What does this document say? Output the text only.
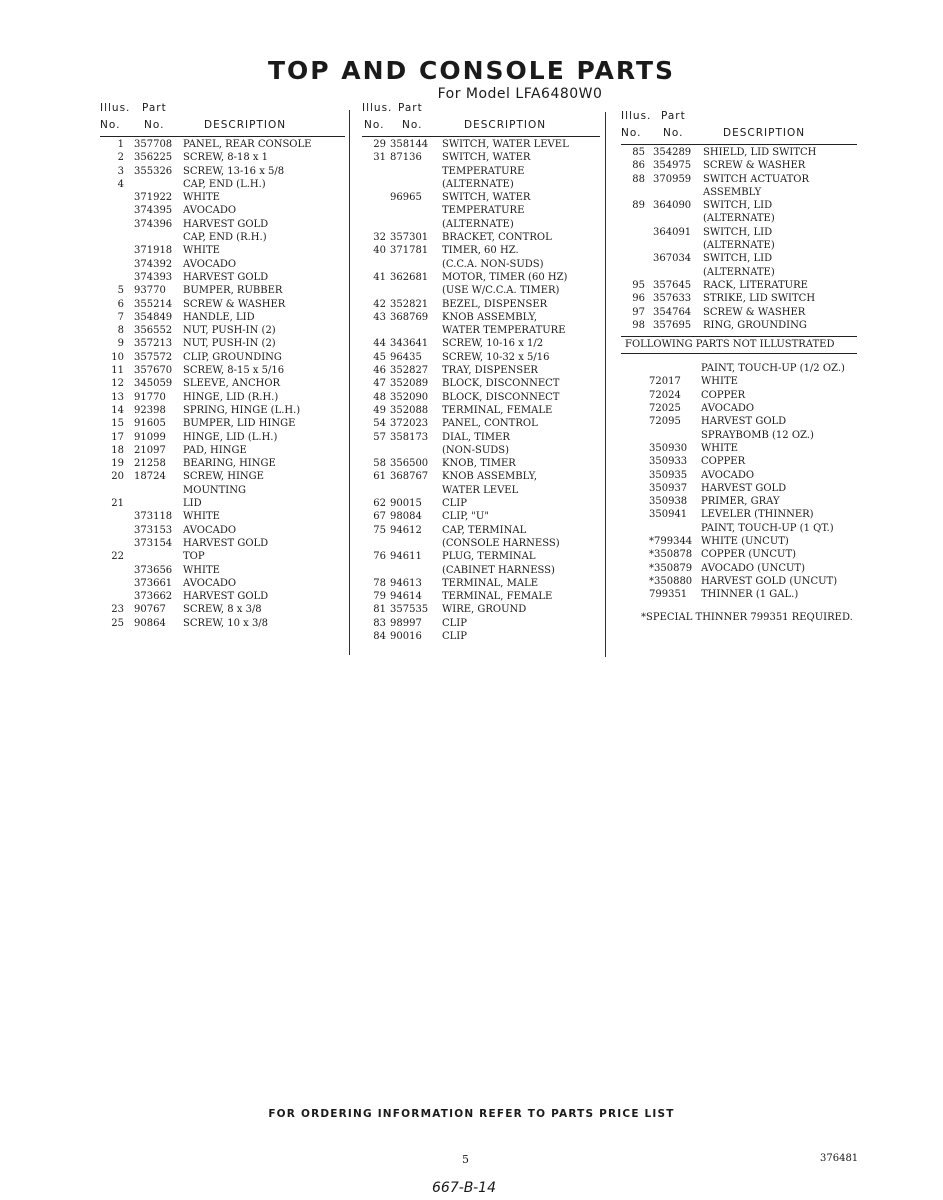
TOP AND CONSOLE PARTS
For Model LFA6480W0
Illus. Part
No. No.	DESCRIPTION
1 357708 PANEL, REAR CONSOLE
2 356225 SCREW, 8-18 x 1
3 355326 SCREW, 13-16 x 5/8
4	CAP, END (L.H.)
371922 WHITE
374395 AVOCADO
374396 HARVEST GOLD
CAP, END (R.H.)
371918 WHITE
374392 AVOCADO
374393 HARVEST GOLD
5 93770 BUMPER, RUBBER
6 355214 SCREW & WASHER
7 354849 HANDLE, LID
8 356552 NUT, PUSH-IN (2)
9 357213 NUT, PUSH-IN (2)
10 357572 CLIP, GROUNDING
11 357670 SCREW, 8-15 x 5/16
12 345059 SLEEVE, ANCHOR
13 91770 HINGE, LID (R.H.)
14 92398 SPRING, HINGE (L.H.)
15 91605 BUMPER, LID HINGE
17 91099 HINGE, LID (L.H.)
18 21097 PAD, HINGE
19 21258 BEARING, HINGE
20 18724 SCREW, HINGE
MOUNTING
21	LID
373118 WHITE
373153 AVOCADO
373154 HARVEST GOLD
22	TOP
373656 WHITE
373661 AVOCADO
373662 HARVEST GOLD
23 90767 SCREW, 8 x 3/8
25 90864 SCREW, 10 x 3/8
Illus. Part
No. No.	DESCRIPTION
29 358144 SWITCH, WATER LEVEL
31 87136 SWITCH, WATER
TEMPERATURE
(ALTERNATE)
96965 SWITCH, WATER
TEMPERATURE
(ALTERNATE)
32 357301 BRACKET, CONTROL
40 371781 TIMER, 60 HZ.
(C.C.A. NON-SUDS)
41 362681 MOTOR, TIMER (60 HZ)
(USE W/C.C.A. TIMER)
42 352821 BEZEL, DISPENSER
43 368769 KNOB ASSEMBLY,
WATER TEMPERATURE
44 343641 SCREW, 10-16 x 1/2
45 96435 SCREW, 10-32 x 5/16
46 352827 TRAY, DISPENSER
47 352089 BLOCK, DISCONNECT
48 352090 BLOCK, DISCONNECT
49 352088 TERMINAL, FEMALE
54 372023 PANEL, CONTROL
57 358173 DIAL, TIMER
(NON-SUDS)
58 356500 KNOB, TIMER
61 368767 KNOB ASSEMBLY,
WATER LEVEL
62 90015 CLIP
67 98084 CLIP, "U"
75 94612 CAP, TERMINAL
(CONSOLE HARNESS)
76 94611 PLUG, TERMINAL
(CABINET HARNESS)
78 94613 TERMINAL, MALE
79 94614 TERMINAL, FEMALE
81 357535 WIRE, GROUND
83 98997 CLIP
84 90016 CLIP
Illus. Part
No. No.	DESCRIPTION
85 354289 SHIELD, LID SWITCH
86 354975 SCREW & WASHER
88 370959 SWITCH ACTUATOR
ASSEMBLY
89 364090 SWITCH, LID
(ALTERNATE)
364091 SWITCH, LID
(ALTERNATE)
367034 SWITCH, LID
(ALTERNATE)
95 357645 RACK, LITERATURE
96 357633 STRIKE, LID SWITCH
97 354764 SCREW & WASHER
98 357695 RING, GROUNDING
FOLLOWING PARTS NOT ILLUSTRATED
PAINT, TOUCH-UP (1/2 OZ.)
72017 WHITE
72024 COPPER
72025 AVOCADO
72095 HARVEST GOLD
SPRAYBOMB (12 OZ.)
350930 WHITE
350933 COPPER
350935 AVOCADO
350937 HARVEST GOLD
350938 PRIMER, GRAY
350941 LEVELER (THINNER)
PAINT, TOUCH-UP (1 QT.)
*799344 WHITE (UNCUT)
*350878 COPPER (UNCUT)
*350879 AVOCADO (UNCUT)
*350880 HARVEST GOLD (UNCUT)
799351 THINNER (1 GAL.)
*SPECIAL THINNER 799351 REQUIRED.
FOR ORDERING INFORMATION REFER TO PARTS PRICE LIST
5	376481
667-B-14
